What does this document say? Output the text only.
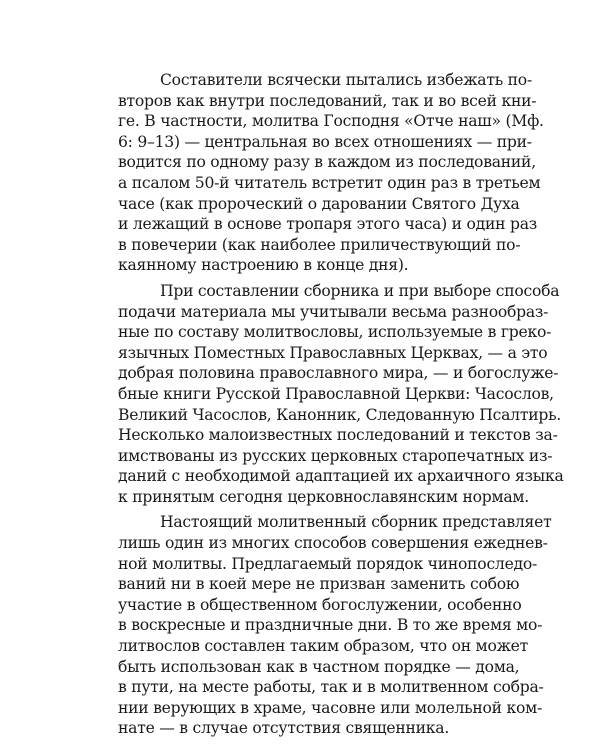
Составители всячески пытались избежать по-
второв как внутри последований, так и во всей кни-
ге. В частности, молитва Господня «Отче наш» (Мф.
6: 9–13) — центральная во всех отношениях — при-
водится по одному разу в каждом из последований,
а псалом 50-й читатель встретит один раз в третьем
часе (как пророческий о даровании Святого Духа
и лежащий в основе тропаря этого часа) и один раз
в повечерии (как наиболее приличествующий по-
каянному настроению в конце дня).
При составлении сборника и при выборе способа
подачи материала мы учитывали весьма разнообраз-
ные по составу молитвословы, используемые в греко-
язычных Поместных Православных Церквах, — а это
добрая половина православного мира, — и богослуже-
бные книги Русской Православной Церкви: Часослов,
Великий Часослов, Канонник, Следованную Псалтирь.
Несколько малоизвестных последований и текстов за-
имствованы из русских церковных старопечатных из-
даний с необходимой адаптацией их архаичного языка
к принятым сегодня церковнославянским нормам.
Настоящий молитвенный сборник представляет
лишь один из многих способов совершения ежеднев-
ной молитвы. Предлагаемый порядок чинопоследо-
ваний ни в коей мере не призван заменить собою
участие в общественном богослужении, особенно
в воскресные и праздничные дни. В то же время мо-
литвослов составлен таким образом, что он может
быть использован как в частном порядке — дома,
в пути, на месте работы, так и в молитвенном собра-
нии верующих в храме, часовне или молельной ком-
нате — в случае отсутствия священника.
